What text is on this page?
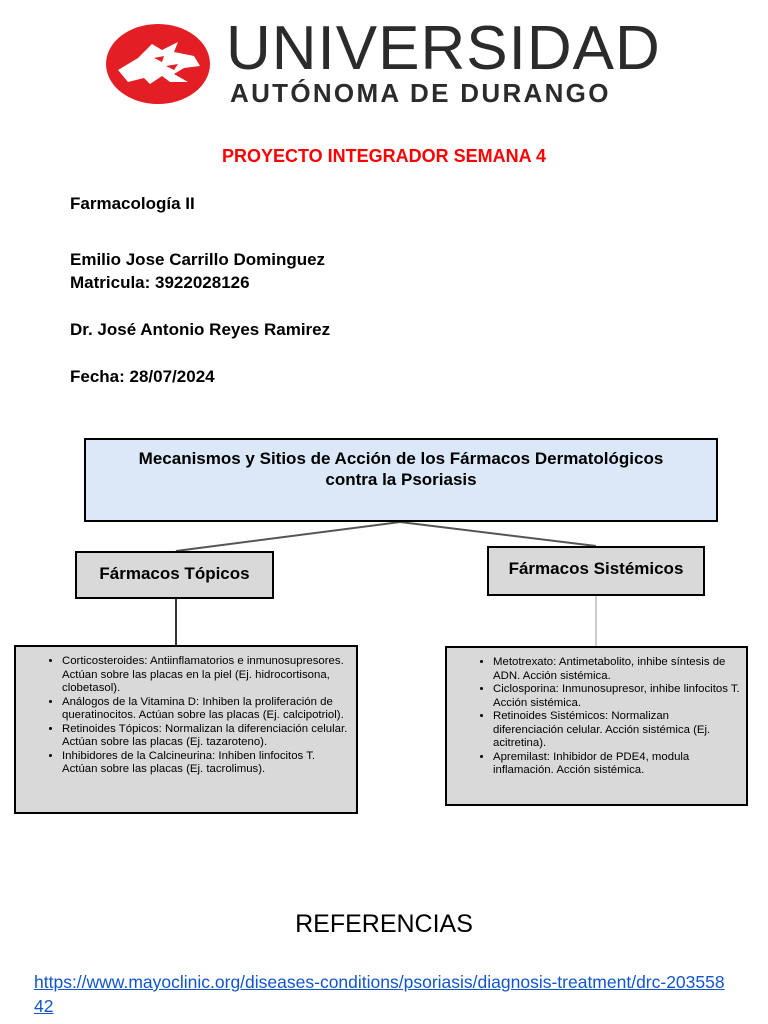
UNIVERSIDAD
AUTÓNOMA DE DURANGO
PROYECTO INTEGRADOR SEMANA 4
Farmacología II
Emilio Jose Carrillo Dominguez
Matricula: 3922028126
Dr. José Antonio Reyes Ramirez
Fecha: 28/07/2024
Mecanismos y Sitios de Acción de los Fármacos Dermatológicos
contra la Psoriasis
Fármacos Tópicos	Fármacos Sistémicos
• Corticosteroides: Antiinflamatorios e inmunosupresores. Actúan sobre las placas en la piel (Ej. hidrocortisona, clobetasol).
• Análogos de la Vitamina D: Inhiben la proliferación de queratinocitos. Actúan sobre las placas (Ej. calcipotriol).
• Retinoides Tópicos: Normalizan la diferenciación celular. Actúan sobre las placas (Ej. tazaroteno).
• Inhibidores de la Calcineurina: Inhiben linfocitos T. Actúan sobre las placas (Ej. tacrolimus).
• Metotrexato: Antimetabolito, inhibe síntesis de ADN. Acción sistémica.
• Ciclosporina: Inmunosupresor, inhibe linfocitos T. Acción sistémica.
• Retinoides Sistémicos: Normalizan diferenciación celular. Acción sistémica (Ej. acitretina).
• Apremilast: Inhibidor de PDE4, modula inflamación. Acción sistémica.
REFERENCIAS
https://www.mayoclinic.org/diseases-conditions/psoriasis/diagnosis-treatment/drc-20355842
